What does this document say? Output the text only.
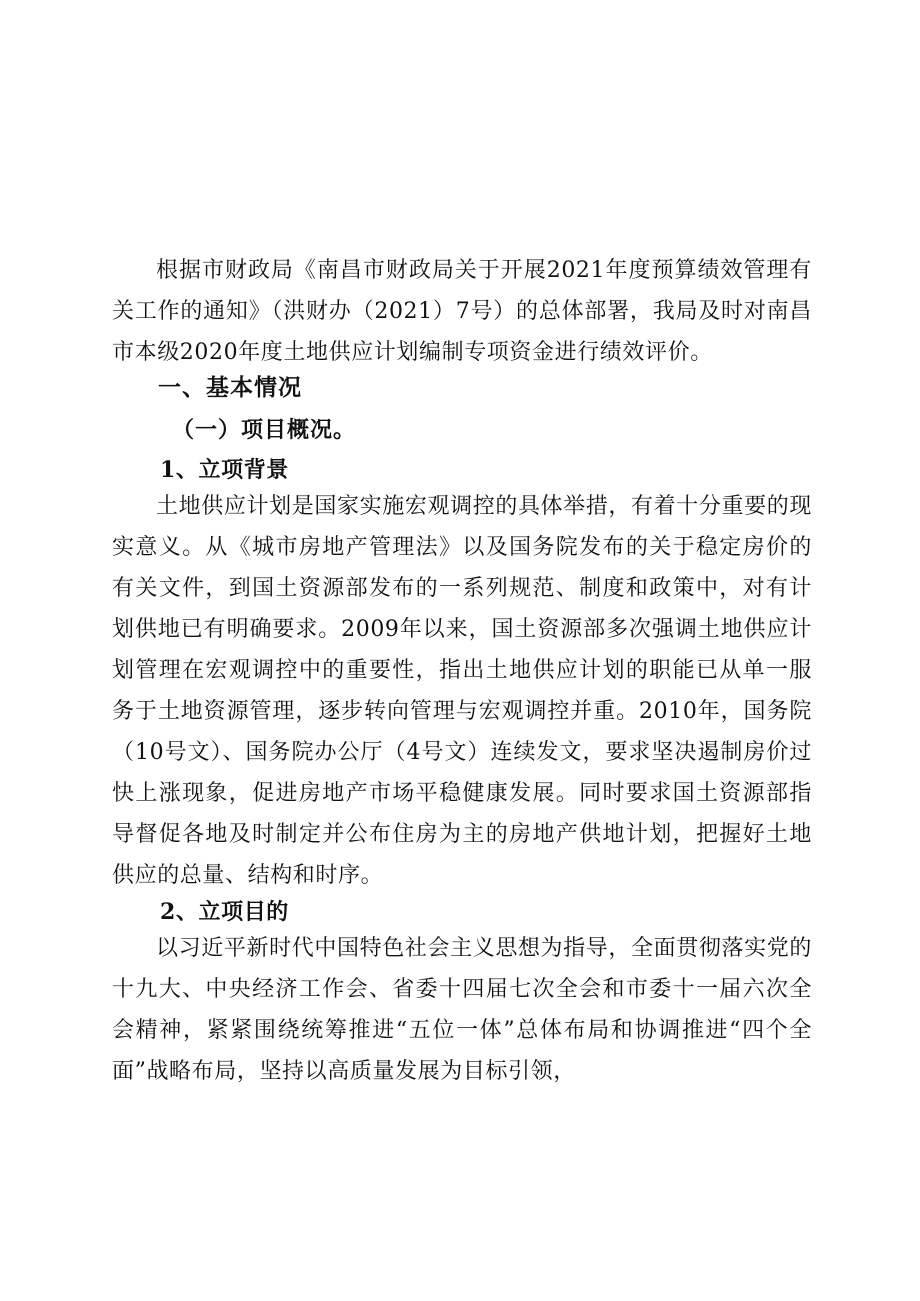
根据市财政局《南昌市财政局关于开展2021年度预算绩效管理有关工作的通知》（洪财办（2021）7号）的总体部署，我局及时对南昌市本级2020年度土地供应计划编制专项资金进行绩效评价。

一、基本情况
（一）项目概况。
1、立项背景

土地供应计划是国家实施宏观调控的具体举措，有着十分重要的现实意义。从《城市房地产管理法》以及国务院发布的关于稳定房价的有关文件，到国土资源部发布的一系列规范、制度和政策中，对有计划供地已有明确要求。2009年以来，国土资源部多次强调土地供应计划管理在宏观调控中的重要性，指出土地供应计划的职能已从单一服务于土地资源管理，逐步转向管理与宏观调控并重。2010年，国务院（10号文）、国务院办公厅（4号文）连续发文，要求坚决遏制房价过快上涨现象，促进房地产市场平稳健康发展。同时要求国土资源部指导督促各地及时制定并公布住房为主的房地产供地计划，把握好土地供应的总量、结构和时序。

2、立项目的

以习近平新时代中国特色社会主义思想为指导，全面贯彻落实党的十九大、中央经济工作会、省委十四届七次全会和市委十一届六次全会精神，紧紧围绕统筹推进“五位一体”总体布局和协调推进“四个全面”战略布局，坚持以高质量发展为目标引领，
